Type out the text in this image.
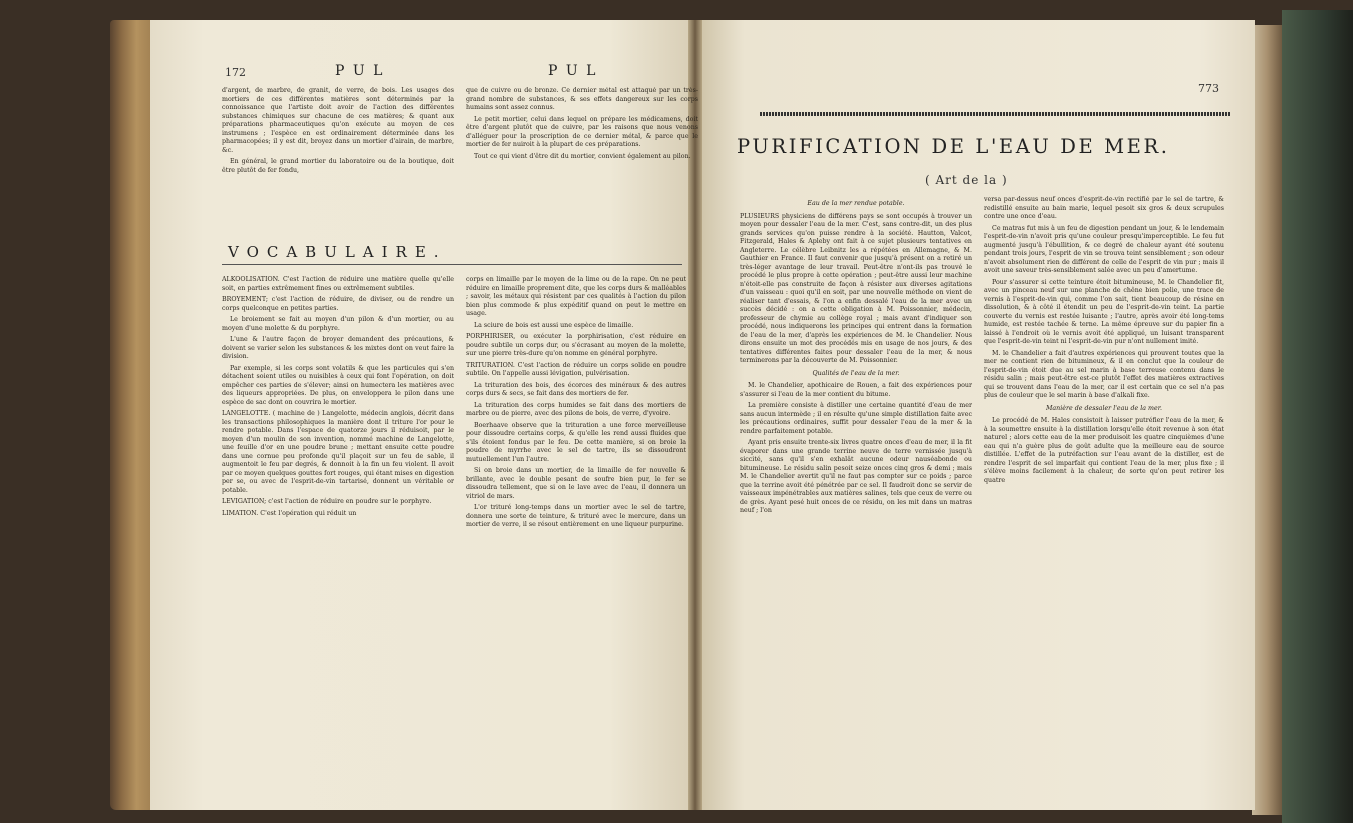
172	P U L	P U L

d'argent, de marbre, de granit, de verre, de bois. Les usages des mortiers de ces différentes matières sont déterminés par la connoissance que l'artiste doit avoir de l'action des différentes substances chimiques sur chacune de ces matières; & quant aux préparations pharmaceutiques qu'on exécute au moyen de ces instrumens ; l'espèce en est ordinairement déterminée dans les pharmacopées; il y est dit, broyez dans un mortier d'airain, de marbre, &c.

En général, le grand mortier du laboratoire ou de la boutique, doit être plutôt de fer fondu,

que de cuivre ou de bronze. Ce dernier métal est attaqué par un très-grand nombre de substances, & ses effets dangereux sur les corps humains sont assez connus.

Le petit mortier, celui dans lequel on prépare les médicamens, doit être d'argent plutôt que de cuivre, par les raisons que nous venons d'alléguer pour la proscription de ce dernier métal, & parce que le mortier de fer nuiroit à la plupart de ces préparations.

Tout ce qui vient d'être dit du mortier, convient également au pilon.

VOCABULAIRE.

ALKOOLISATION. C'est l'action de réduire une matière quelle qu'elle soit, en parties extrêmement fines ou extrêmement subtiles.

BROYEMENT; c'est l'action de réduire, de diviser, ou de rendre un corps quelconque en petites parties.

Le broiement se fait au moyen d'un pilon & d'un mortier, ou au moyen d'une molette & du porphyre.

L'une & l'autre façon de broyer demandent des précautions, & doivent se varier selon les substances & les mixtes dont on veut faire la division.

Par exemple, si les corps sont volatils & que les particules qui s'en détachent soient utiles ou nuisibles à ceux qui font l'opération, on doit empêcher ces parties de s'élever; ainsi on humectera les matières avec des liqueurs appropriées. De plus, on enveloppera le pilon dans une espèce de sac dont on couvrira le mortier.

LANGELOTTE. ( machine de ) Langelotte, médecin anglois, décrit dans les transactions philosophiques la manière dont il triture l'or pour le rendre potable. Dans l'espace de quatorze jours il réduisoit, par le moyen d'un moulin de son invention, nommé machine de Langelotte, une feuille d'or en une poudre brune ; mettant ensuite cette poudre dans une cornue peu profonde qu'il plaçoit sur un feu de sable, il augmentoit le feu par degrés, & donnoit à la fin un feu violent. Il avoit par ce moyen quelques gouttes fort rouges, qui étant mises en digestion per se, ou avec de l'esprit-de-vin tartarisé, donnent un véritable or potable.

LEVIGATION; c'est l'action de réduire en poudre sur le porphyre.

LIMATION. C'est l'opération qui réduit un

corps en limaille par le moyen de la lime ou de la rape. On ne peut réduire en limaille proprement dite, que les corps durs & malléables ; savoir, les métaux qui résistent par ces qualités à l'action du pilon bien plus commode & plus expéditif quand on peut le mettre en usage.

La sciure de bois est aussi une espèce de limaille.

PORPHIRISER, ou exécuter la porphirisation, c'est réduire en poudre subtile un corps dur, ou s'écrasant au moyen de la molette, sur une pierre très-dure qu'on nomme en général porphyre.

TRITURATION. C'est l'action de réduire un corps solide en poudre subtile. On l'appelle aussi lévigation, pulvérisation.

La trituration des bois, des écorces des minéraux & des autres corps durs & secs, se fait dans des mortiers de fer.

La trituration des corps humides se fait dans des mortiers de marbre ou de pierre, avec des pilons de bois, de verre, d'yvoire.

Boerhaave observe que la trituration a une force merveilleuse pour dissoudre certains corps, & qu'elle les rend aussi fluides que s'ils étoient fondus par le feu. De cette manière, si on broie la poudre de myrrhe avec le sel de tartre, ils se dissoudront mutuellement l'un l'autre.

Si on broie dans un mortier, de la limaille de fer nouvelle & brillante, avec le double pesant de soufre bien pur, le fer se dissoudra tellement, que si on le lave avec de l'eau, il donnera un vitriol de mars.

L'or trituré long-temps dans un mortier avec le sel de tartre, donnera une sorte de teinture, & trituré avec le mercure, dans un mortier de verre, il se résout entièrement en une liqueur purpurine.

773
PURIFICATION DE L'EAU DE MER.
( Art de la )

Eau de la mer rendue potable.

PLUSIEURS physiciens de différens pays se sont occupés à trouver un moyen pour dessaler l'eau de la mer. C'est, sans contre-dit, un des plus grands services qu'on puisse rendre à la société. Hautton, Valcot, Fitzgerald, Hales & Apleby ont fait à ce sujet plusieurs tentatives en Angleterre. Le célèbre Leibnitz les a répétées en Allemagne, & M. Gauthier en France. Il faut convenir que jusqu'à présent on a retiré un très-léger avantage de leur travail. Peut-être n'ont-ils pas trouvé le procédé le plus propre à cette opération ; peut-être aussi leur machine n'étoit-elle pas construite de façon à résister aux diverses agitations d'un vaisseau : quoi qu'il en soit, par une nouvelle méthode on vient de réaliser tant d'essais, & l'on a enfin dessalé l'eau de la mer avec un succès décidé : on a cette obligation à M. Poissonnier, médecin, professeur de chymie au collège royal ; mais avant d'indiquer son procédé, nous indiquerons les principes qui entrent dans la formation de l'eau de la mer, d'après les expériences de M. le Chandelier. Nous dirons ensuite un mot des procédés mis en usage de nos jours, & des tentatives différentes faites pour dessaler l'eau de la mer, & nous terminerons par la découverte de M. Poissonnier.

Qualités de l'eau de la mer.

M. le Chandelier, apothicaire de Rouen, a fait des expériences pour s'assurer si l'eau de la mer contient du bitume.

La première consiste à distiller une certaine quantité d'eau de mer sans aucun intermède ; il en résulte qu'une simple distillation faite avec les précautions ordinaires, suffit pour dessaler l'eau de la mer & la rendre parfaitement potable.

Ayant pris ensuite trente-six livres quatre onces d'eau de mer, il la fit évaporer dans une grande terrine neuve de terre vernissée jusqu'à siccité, sans qu'il s'en exhalât aucune odeur nauséabonde ou bitumineuse. Le résidu salin pesoit seize onces cinq gros & demi ; mais M. le Chandelier avertit qu'il ne faut pas compter sur ce poids ; parce que la terrine avoit été pénétrée par ce sel. Il faudroit donc se servir de vaisseaux impénétrables aux matières salines, tels que ceux de verre ou de grès. Ayant pesé huit onces de ce résidu, on les mit dans un matras neuf ; l'on

versa par-dessus neuf onces d'esprit-de-vin rectifié par le sel de tartre, & redistillé ensuite au bain marie, lequel pesoit six gros & deux scrupules contre une once d'eau.

Ce matras fut mis à un feu de digestion pendant un jour, & le lendemain l'esprit-de-vin n'avoit pris qu'une couleur presqu'imperceptible. Le feu fut augmenté jusqu'à l'ébullition, & ce degré de chaleur ayant été soutenu pendant trois jours, l'esprit de vin se trouva teint sensiblement ; son odeur n'avoit absolument rien de différent de celle de l'esprit de vin pur ; mais il avoit une saveur très-sensiblement salée avec un peu d'amertume.

Pour s'assurer si cette teinture étoit bitumineuse, M. le Chandelier fit, avec un pinceau neuf sur une planche de chêne bien polie, une trace de vernis à l'esprit-de-vin qui, comme l'on sait, tient beaucoup de résine en dissolution, & à côté il étendit un peu de l'esprit-de-vin teint. La partie couverte du vernis est restée luisante ; l'autre, après avoir été long-tems humide, est restée tachée & terne. La même épreuve sur du papier fin a laissé à l'endroit où le vernis avoit été appliqué, un luisant transparent que l'esprit-de-vin teint ni l'esprit-de-vin pur n'ont nullement imité.

M. le Chandelier a fait d'autres expériences qui prouvent toutes que la mer ne contient rien de bitumineux, & il en conclut que la couleur de l'esprit-de-vin étoit due au sel marin à base terreuse contenu dans le résidu salin ; mais peut-être est-ce plutôt l'effet des matières extractives qui se trouvent dans l'eau de la mer, car il est certain que ce sel n'a pas plus de couleur que le sel marin à base d'alkali fixe.

Manière de dessaler l'eau de la mer.

Le procédé de M. Hales consistoit à laisser putréfier l'eau de la mer, & à la soumettre ensuite à la distillation lorsqu'elle étoit revenue à son état naturel ; alors cette eau de la mer produisoit les quatre cinquièmes d'une eau qui n'a guère plus de goût adulte que la meilleure eau de source distillée. L'effet de la putréfaction sur l'eau avant de la distiller, est de rendre l'esprit de sel imparfait qui contient l'eau de la mer, plus fixe ; il s'élève moins facilement à la chaleur, de sorte qu'on peut retirer les quatre
